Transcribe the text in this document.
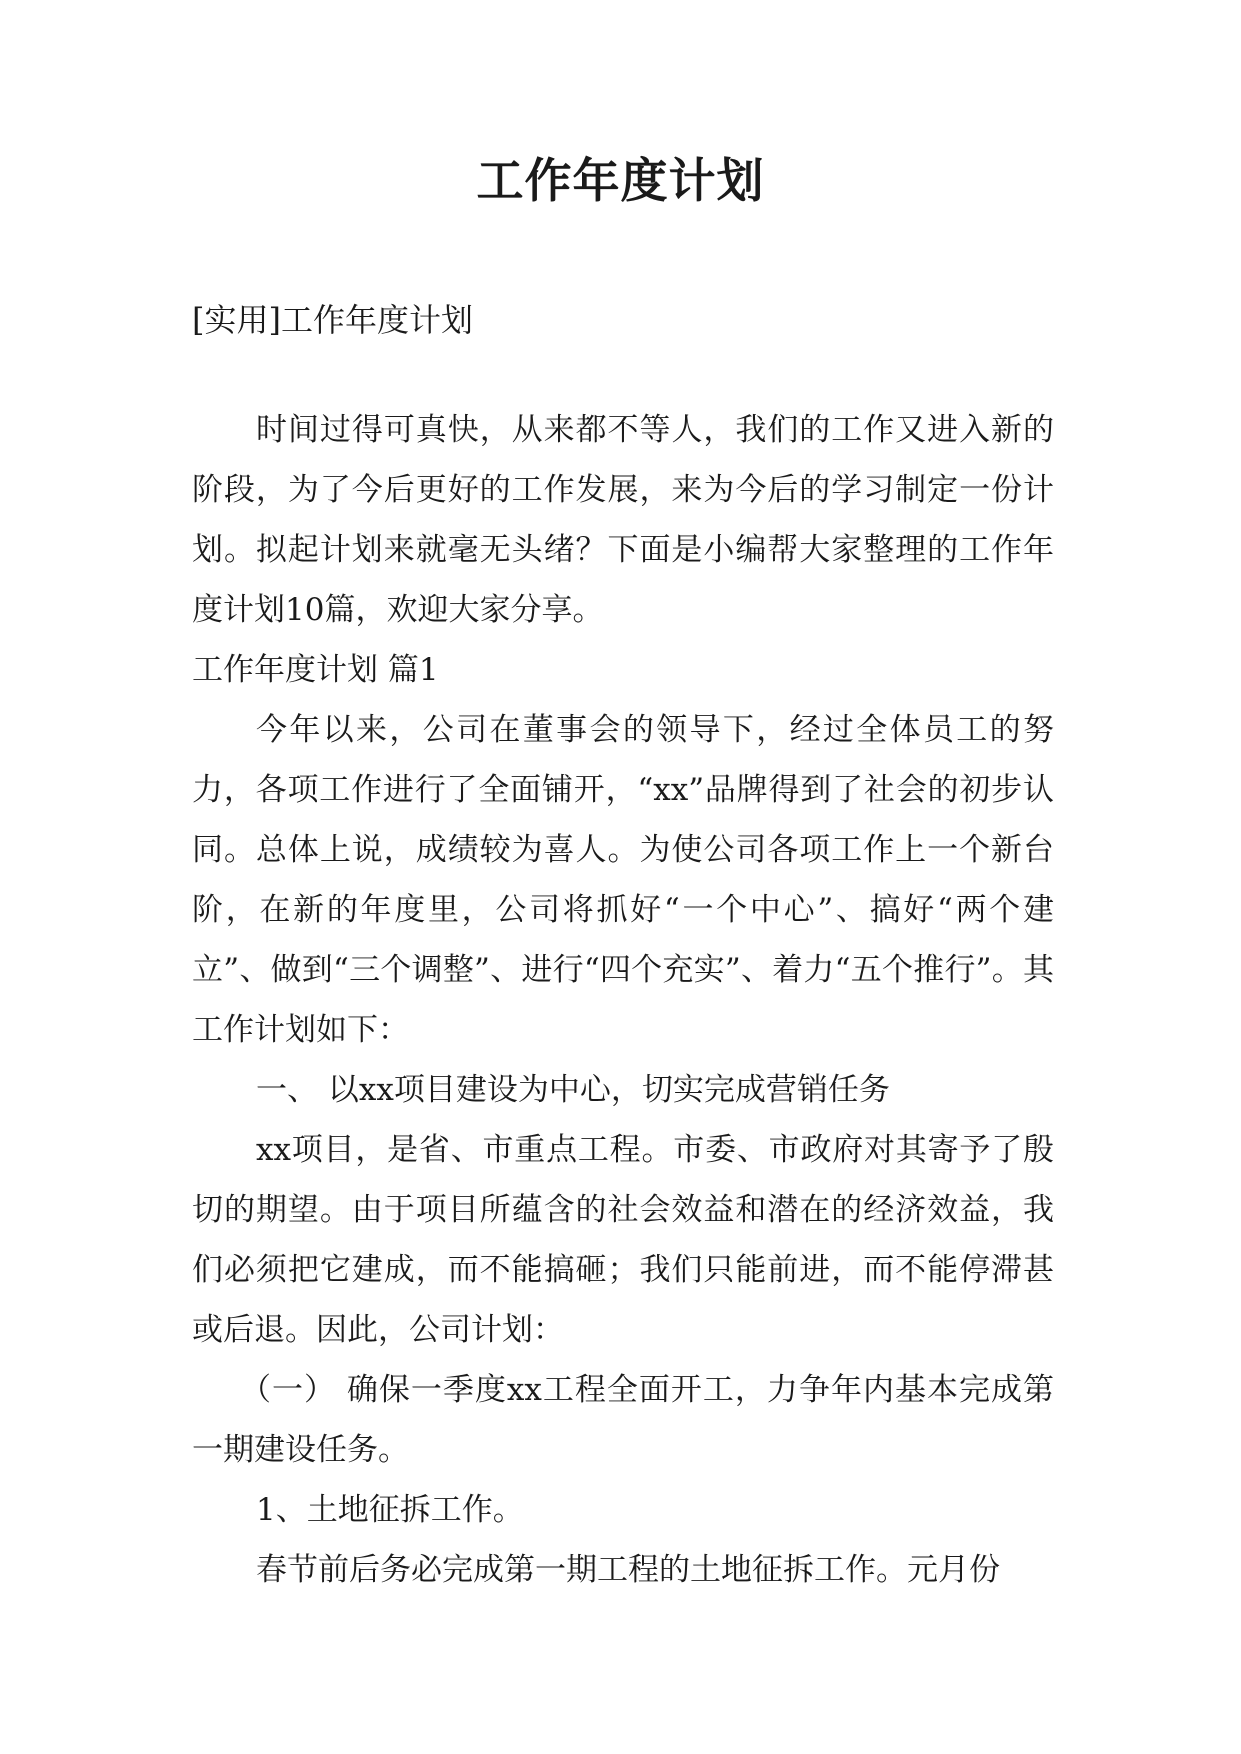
工作年度计划
[实用]工作年度计划

时间过得可真快，从来都不等人，我们的工作又进入新的阶段，为了今后更好的工作发展，来为今后的学习制定一份计划。拟起计划来就毫无头绪？下面是小编帮大家整理的工作年度计划10篇，欢迎大家分享。

工作年度计划 篇1

今年以来，公司在董事会的领导下，经过全体员工的努力，各项工作进行了全面铺开，“xx”品牌得到了社会的初步认同。总体上说，成绩较为喜人。为使公司各项工作上一个新台阶，在新的年度里，公司将抓好“一个中心”、搞好“两个建立”、做到“三个调整”、进行“四个充实”、着力“五个推行”。其工作计划如下：

一、 以xx项目建设为中心，切实完成营销任务

xx项目，是省、市重点工程。市委、市政府对其寄予了殷切的期望。由于项目所蕴含的社会效益和潜在的经济效益，我们必须把它建成，而不能搞砸；我们只能前进，而不能停滞甚或后退。因此，公司计划：

（一） 确保一季度xx工程全面开工，力争年内基本完成第一期建设任务。

1、土地征拆工作。

春节前后务必完成第一期工程的土地征拆工作。元月份
